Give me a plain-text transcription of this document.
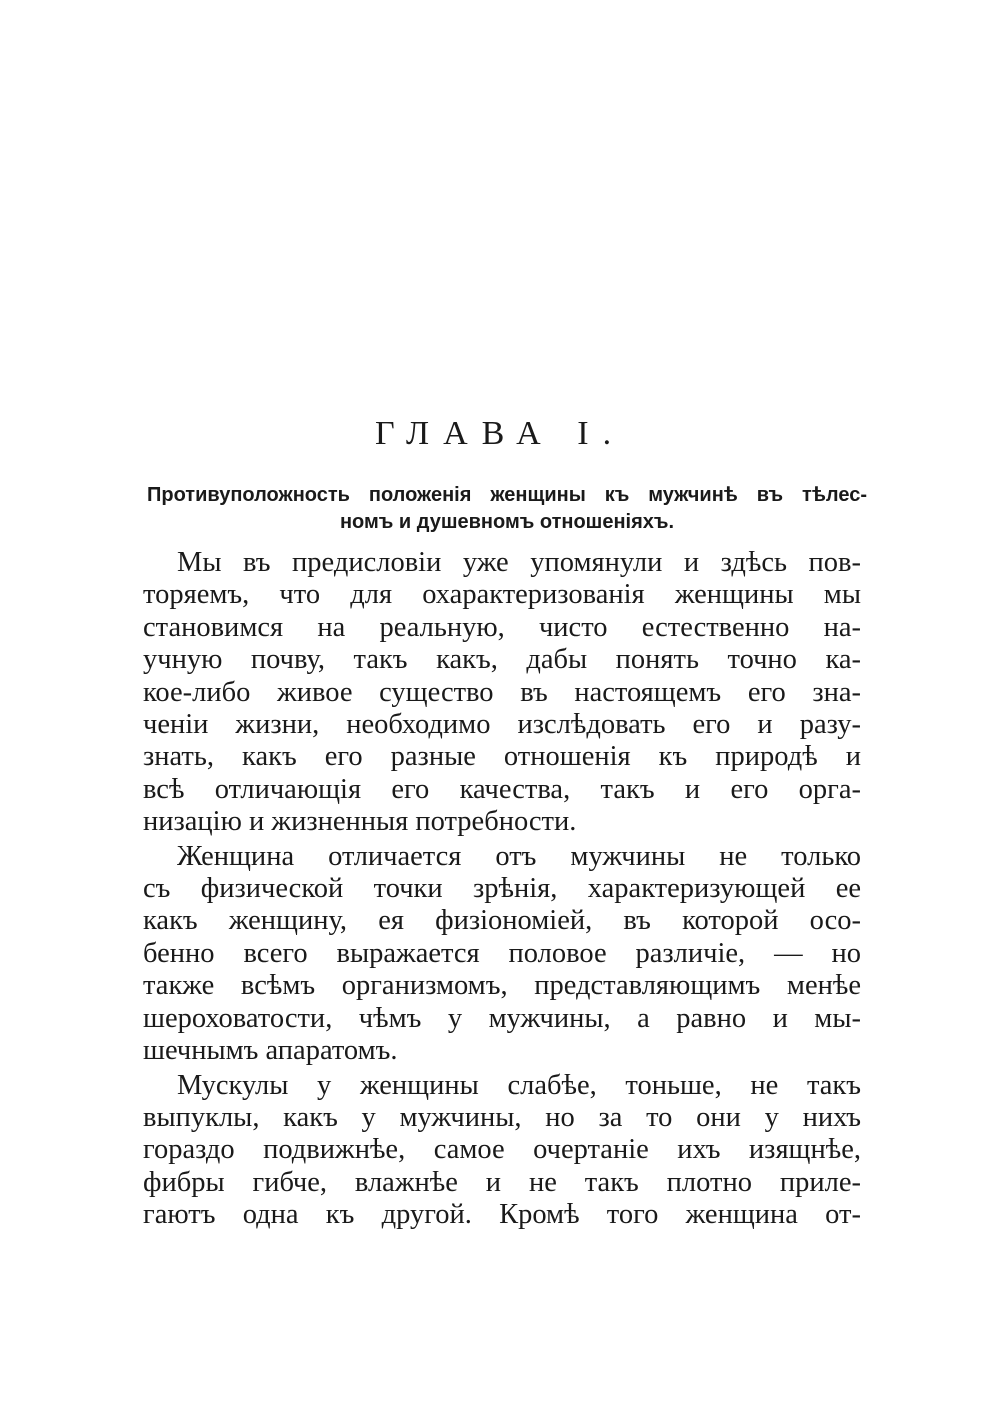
ГЛАВА I.
Противуположность положенія женщины къ мужчинѣ въ тѣлес-
номъ и душевномъ отношеніяхъ.

Мы въ предисловіи уже упомянули и здѣсь пов-
торяемъ, что для охарактеризованія женщины мы
становимся на реальную, чисто естественно на-
учную почву, такъ какъ, дабы понять точно ка-
кое-либо живое существо въ настоящемъ его зна-
ченіи жизни, необходимо изслѣдовать его и разу-
знать, какъ его разные отношенія къ природѣ и
всѣ отличающія его качества, такъ и его орга-
низацію и жизненныя потребности.

Женщина отличается отъ мужчины не только
съ физической точки зрѣнія, характеризующей ее
какъ женщину, ея физіономіей, въ которой осо-
бенно всего выражается половое различіе, — но
также всѣмъ организмомъ, представляющимъ менѣе
шероховатости, чѣмъ у мужчины, а равно и мы-
шечнымъ апаратомъ.

Мускулы у женщины слабѣе, тоньше, не такъ
выпуклы, какъ у мужчины, но за то они у нихъ
гораздо подвижнѣе, самое очертаніе ихъ изящнѣе,
фибры гибче, влажнѣе и не такъ плотно приле-
гаютъ одна къ другой. Кромѣ того женщина от-
